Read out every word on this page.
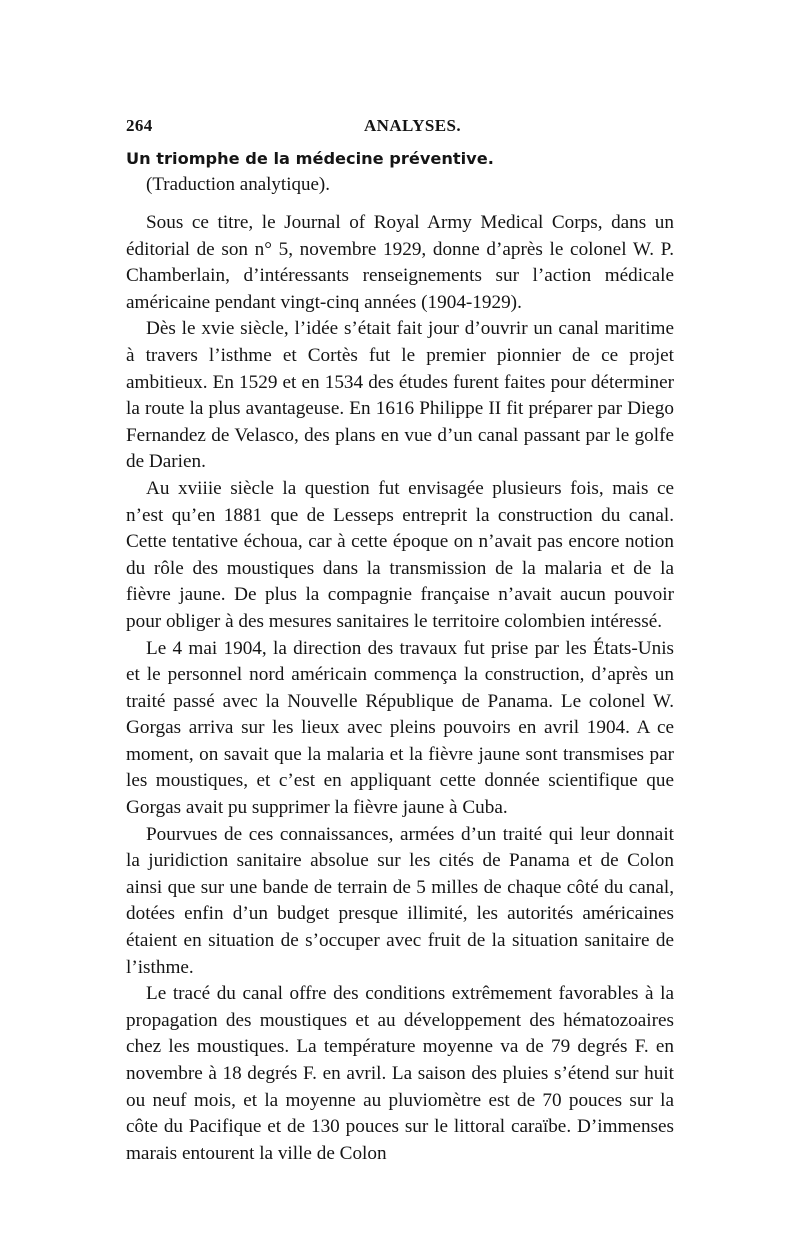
264	ANALYSES.
Un triomphe de la médecine préventive.
(Traduction analytique).

Sous ce titre, le Journal of Royal Army Medical Corps, dans un éditorial de son n° 5, novembre 1929, donne d’après le colonel W. P. Chamberlain, d’intéressants renseignements sur l’action médicale américaine pendant vingt-cinq années (1904-1929).

Dès le xvie siècle, l’idée s’était fait jour d’ouvrir un canal maritime à travers l’isthme et Cortès fut le premier pionnier de ce projet ambitieux. En 1529 et en 1534 des études furent faites pour déterminer la route la plus avantageuse. En 1616 Philippe II fit préparer par Diego Fernandez de Velasco, des plans en vue d’un canal passant par le golfe de Darien.

Au xviiie siècle la question fut envisagée plusieurs fois, mais ce n’est qu’en 1881 que de Lesseps entreprit la construction du canal. Cette tentative échoua, car à cette époque on n’avait pas encore notion du rôle des moustiques dans la transmission de la malaria et de la fièvre jaune. De plus la compagnie française n’avait aucun pouvoir pour obliger à des mesures sanitaires le territoire colombien intéressé.

Le 4 mai 1904, la direction des travaux fut prise par les États-Unis et le personnel nord américain commença la construction, d’après un traité passé avec la Nouvelle République de Panama. Le colonel W. Gorgas arriva sur les lieux avec pleins pouvoirs en avril 1904. A ce moment, on savait que la malaria et la fièvre jaune sont transmises par les moustiques, et c’est en appliquant cette donnée scientifique que Gorgas avait pu supprimer la fièvre jaune à Cuba.

Pourvues de ces connaissances, armées d’un traité qui leur donnait la juridiction sanitaire absolue sur les cités de Panama et de Colon ainsi que sur une bande de terrain de 5 milles de chaque côté du canal, dotées enfin d’un budget presque illimité, les autorités américaines étaient en situation de s’occuper avec fruit de la situation sanitaire de l’isthme.

Le tracé du canal offre des conditions extrêmement favorables à la propagation des moustiques et au développement des hématozoaires chez les moustiques. La température moyenne va de 79 degrés F. en novembre à 18 degrés F. en avril. La saison des pluies s’étend sur huit ou neuf mois, et la moyenne au pluviomètre est de 70 pouces sur la côte du Pacifique et de 130 pouces sur le littoral caraïbe. D’immenses marais entourent la ville de Colon
